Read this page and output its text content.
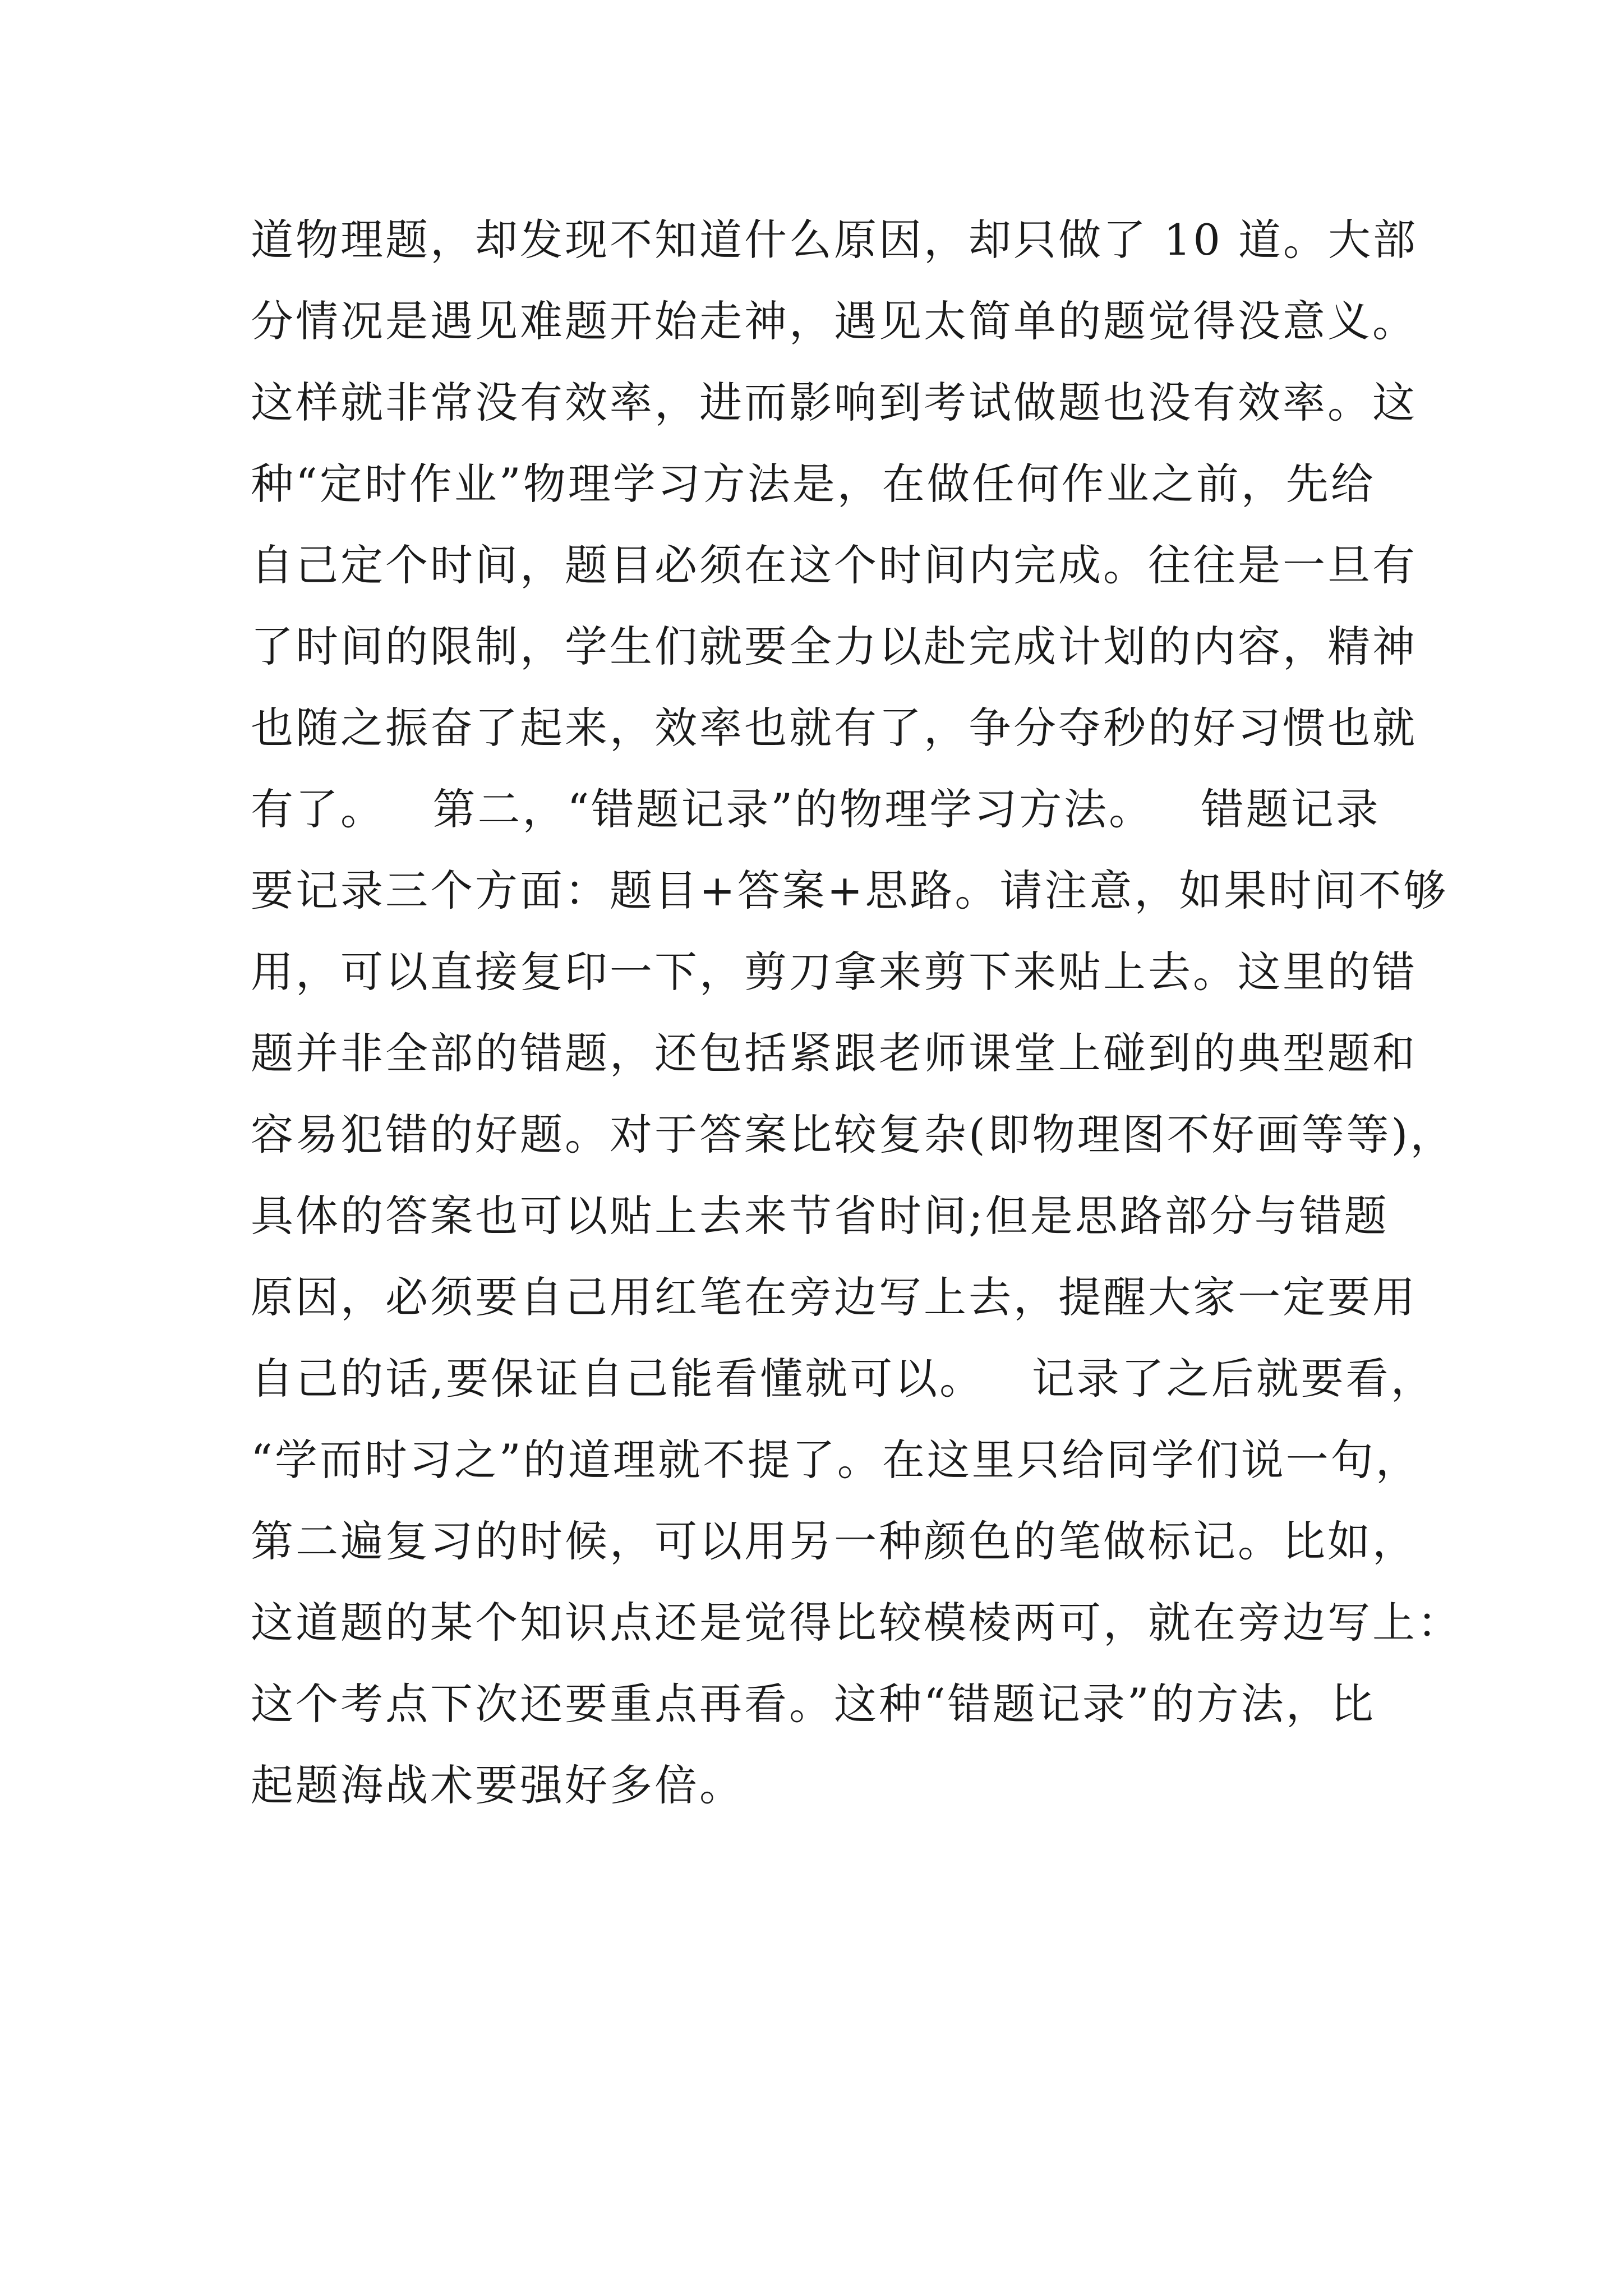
道物理题，却发现不知道什么原因，却只做了 10 道。大部
分情况是遇见难题开始走神，遇见太简单的题觉得没意义。
这样就非常没有效率，进而影响到考试做题也没有效率。这
种“定时作业”物理学习方法是，在做任何作业之前，先给
自己定个时间，题目必须在这个时间内完成。往往是一旦有
了时间的限制，学生们就要全力以赴完成计划的内容，精神
也随之振奋了起来，效率也就有了，争分夺秒的好习惯也就
有了。   第二，“错题记录”的物理学习方法。   错题记录
要记录三个方面：题目+答案+思路。请注意，如果时间不够
用，可以直接复印一下，剪刀拿来剪下来贴上去。这里的错
题并非全部的错题，还包括紧跟老师课堂上碰到的典型题和
容易犯错的好题。对于答案比较复杂(即物理图不好画等等)，
具体的答案也可以贴上去来节省时间;但是思路部分与错题
原因，必须要自己用红笔在旁边写上去，提醒大家一定要用
自己的话,要保证自己能看懂就可以。   记录了之后就要看，
“学而时习之”的道理就不提了。在这里只给同学们说一句，
第二遍复习的时候，可以用另一种颜色的笔做标记。比如，
这道题的某个知识点还是觉得比较模棱两可，就在旁边写上：
这个考点下次还要重点再看。这种“错题记录”的方法，比
起题海战术要强好多倍。
